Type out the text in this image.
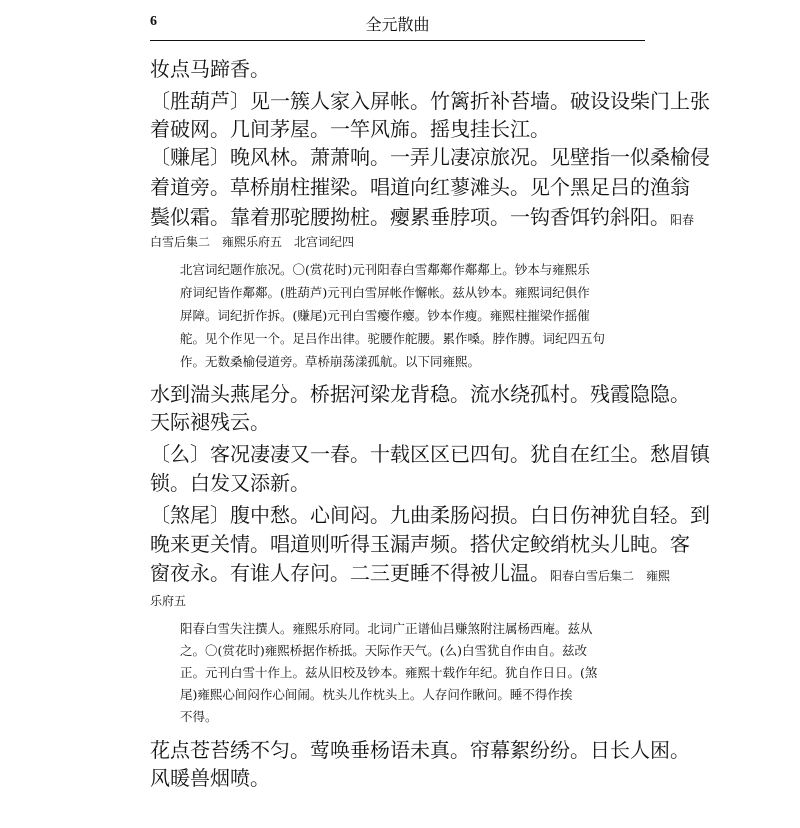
6	全元散曲
妆点马蹄香。
〔胜葫芦〕见一簇人家入屏帐。竹篱折补苔墙。破设设柴门上张
着破网。几间茅屋。一竿风旆。摇曳挂长江。
〔赚尾〕晚风林。萧萧响。一弄儿凄凉旅况。见壁指一似桑榆侵
着道旁。草桥崩柱摧梁。唱道向红蓼滩头。见个黑足吕的渔翁
鬓似霜。靠着那驼腰拗桩。瘿累垂脖项。一钩香饵钓斜阳。阳春
白雪后集二　雍熙乐府五　北宫词纪四
北宫词纪题作旅况。〇(赏花时)元刊阳春白雪鄰鄰作鄰鄰上。钞本与雍熙乐
府词纪皆作鄰鄰。(胜葫芦)元刊白雪屏帐作懈帐。兹从钞本。雍熙词纪俱作
屏障。词纪折作拆。(赚尾)元刊白雪瘿作瘿。钞本作瘦。雍熙柱摧梁作摇催
舵。见个作见一个。足吕作出律。驼腰作舵腰。累作嗓。脖作膊。词纪四五句
作。无数桑榆侵道旁。草桥崩荡漾孤航。以下同雍熙。
水到湍头燕尾分。桥据河梁龙背稳。流水绕孤村。残霞隐隐。
天际褪残云。
〔么〕客况凄凄又一春。十载区区已四旬。犹自在红尘。愁眉镇
锁。白发又添新。
〔煞尾〕腹中愁。心间闷。九曲柔肠闷损。白日伤神犹自轻。到
晚来更关情。唱道则听得玉漏声频。搭伏定鲛绡枕头儿盹。客
窗夜永。有谁人存问。二三更睡不得被儿温。阳春白雪后集二　雍熙
乐府五
阳春白雪失注撰人。雍熙乐府同。北词广正谱仙吕赚煞附注属杨西庵。兹从
之。〇(赏花时)雍熙桥据作桥抵。天际作天气。(么)白雪犹自作由自。兹改
正。元刊白雪十作上。兹从旧校及钞本。雍熙十载作年纪。犹自作日日。(煞
尾)雍熙心间闷作心间闹。枕头儿作枕头上。人存问作瞅问。睡不得作挨
不得。
花点苍苔绣不匀。莺唤垂杨语未真。帘幕絮纷纷。日长人困。
风暖兽烟喷。
